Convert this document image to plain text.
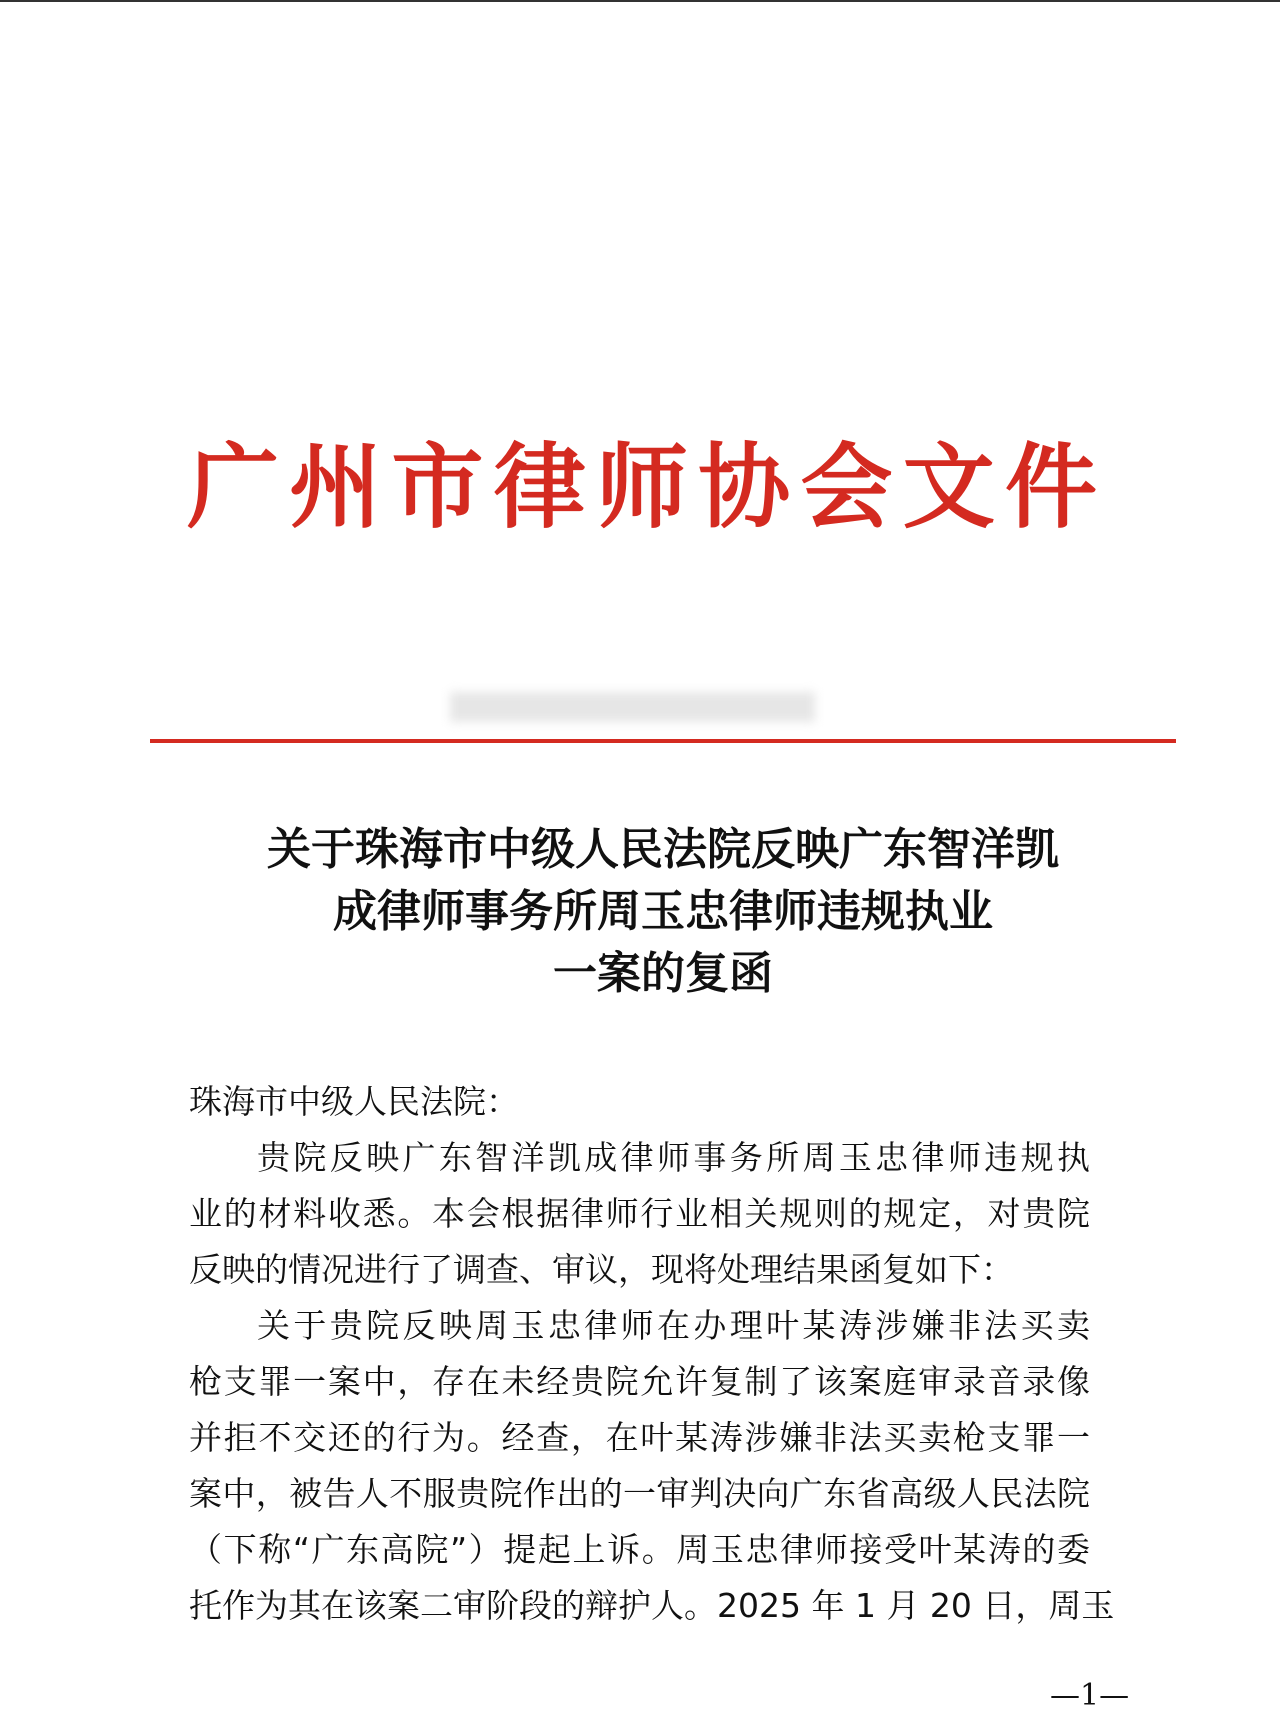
广州市律师协会文件
关于珠海市中级人民法院反映广东智洋凯
成律师事务所周玉忠律师违规执业
一案的复函
珠海市中级人民法院：
贵院反映广东智洋凯成律师事务所周玉忠律师违规执
业的材料收悉。本会根据律师行业相关规则的规定，对贵院
反映的情况进行了调查、审议，现将处理结果函复如下：
关于贵院反映周玉忠律师在办理叶某涛涉嫌非法买卖
枪支罪一案中，存在未经贵院允许复制了该案庭审录音录像
并拒不交还的行为。经查，在叶某涛涉嫌非法买卖枪支罪一
案中，被告人不服贵院作出的一审判决向广东省高级人民法院
（下称“广东高院”）提起上诉。周玉忠律师接受叶某涛的委
托作为其在该案二审阶段的辩护人。2025 年 1 月 20 日，周玉
—1—
